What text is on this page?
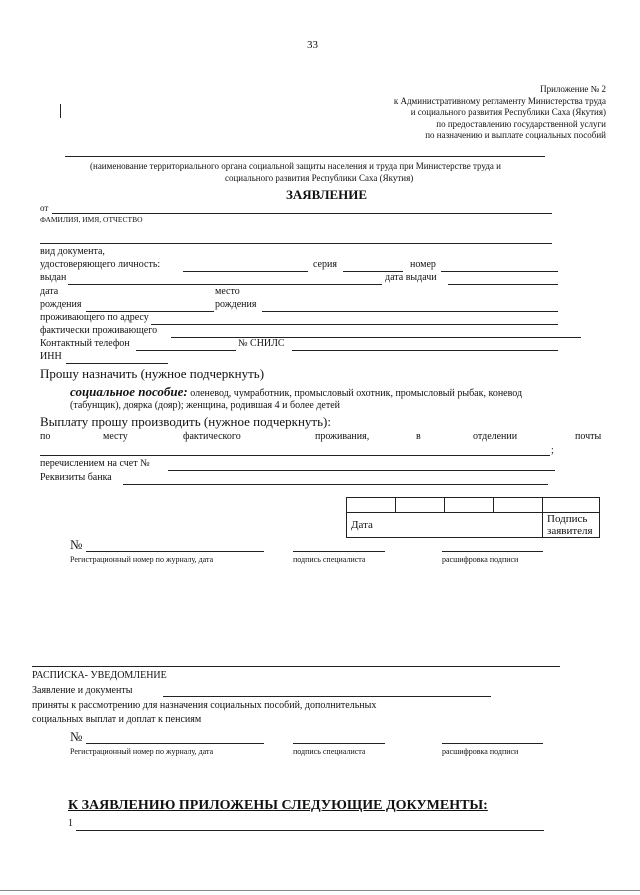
33
Приложение № 2
к Административному регламенту Министерства труда
и социального развития Республики Саха (Якутия)
по предоставлению государственной услуги
по назначению и выплате социальных пособий
(наименование территориального органа социальной защиты населения и труда при Министерстве труда и
социального развития Республики Саха (Якутия)
ЗАЯВЛЕНИЕ
от
ФАМИЛИЯ, ИМЯ, ОТЧЕСТВО
вид документа,
удостоверяющего личность:	серия	номер
выдан	дата выдачи
дата	место
рождения	рождения
проживающего по адресу
фактически проживающего
Контактный телефон	№ СНИЛС
ИНН
Прошу назначить (нужное подчеркнуть)
социальное пособие: оленевод, чумработник, промысловый охотник, промысловый рыбак, коневод
(табунщик), доярка (дояр); женщина, родившая 4 и более детей
Выплату прошу производить (нужное подчеркнуть):
по	месту	фактического	проживания,	в	отделении	почты
;
перечислением на счет №
Реквизиты банка

Дата				Подпись заявителя
№
Регистрационный номер по журналу, дата	подпись специалиста	расшифровка подписи
РАСПИСКА- УВЕДОМЛЕНИЕ
Заявление и документы
приняты к рассмотрению для назначения социальных пособий, дополнительных
социальных выплат и доплат к пенсиям
№
Регистрационный номер по журналу, дата	подпись специалиста	расшифровка подписи
К ЗАЯВЛЕНИЮ ПРИЛОЖЕНЫ СЛЕДУЮЩИЕ ДОКУМЕНТЫ:
1
